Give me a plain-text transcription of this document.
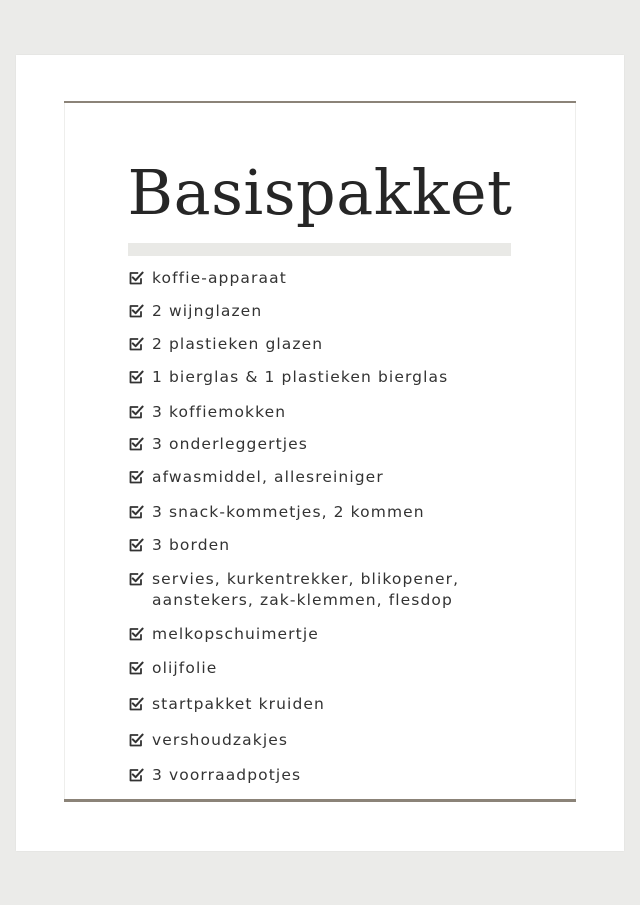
Basispakket
koffie-apparaat
2 wijnglazen
2 plastieken glazen
1 bierglas & 1 plastieken bierglas
3 koffiemokken
3 onderleggertjes
afwasmiddel, allesreiniger
3 snack-kommetjes, 2 kommen
3 borden
servies, kurkentrekker, blikopener,
aanstekers, zak-klemmen, flesdop
melkopschuimertje
olijfolie
startpakket kruiden
vershoudzakjes
3 voorraadpotjes
